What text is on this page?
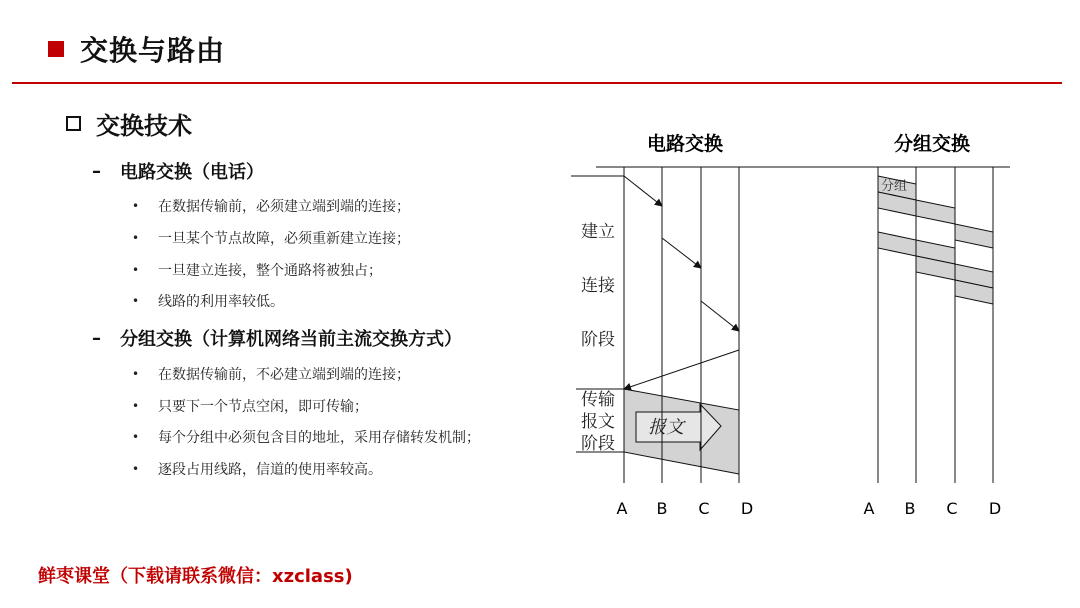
交换与路由
交换技术
–	电路交换（电话）
•	在数据传输前，必须建立端到端的连接；
•	一旦某个节点故障，必须重新建立连接；
•	一旦建立连接，整个通路将被独占；
•	线路的利用率较低。
–	分组交换（计算机网络当前主流交换方式）
•	在数据传输前，不必建立端到端的连接；
•	只要下一个节点空闲，即可传输；
•	每个分组中必须包含目的地址，采用存储转发机制；
•	逐段占用线路，信道的使用率较高。
电路交换	分组交换
报文
建立
连接
阶段
传输
报文
阶段
A B C D
分组
A B C D
鲜枣课堂（下载请联系微信：xzclass)
